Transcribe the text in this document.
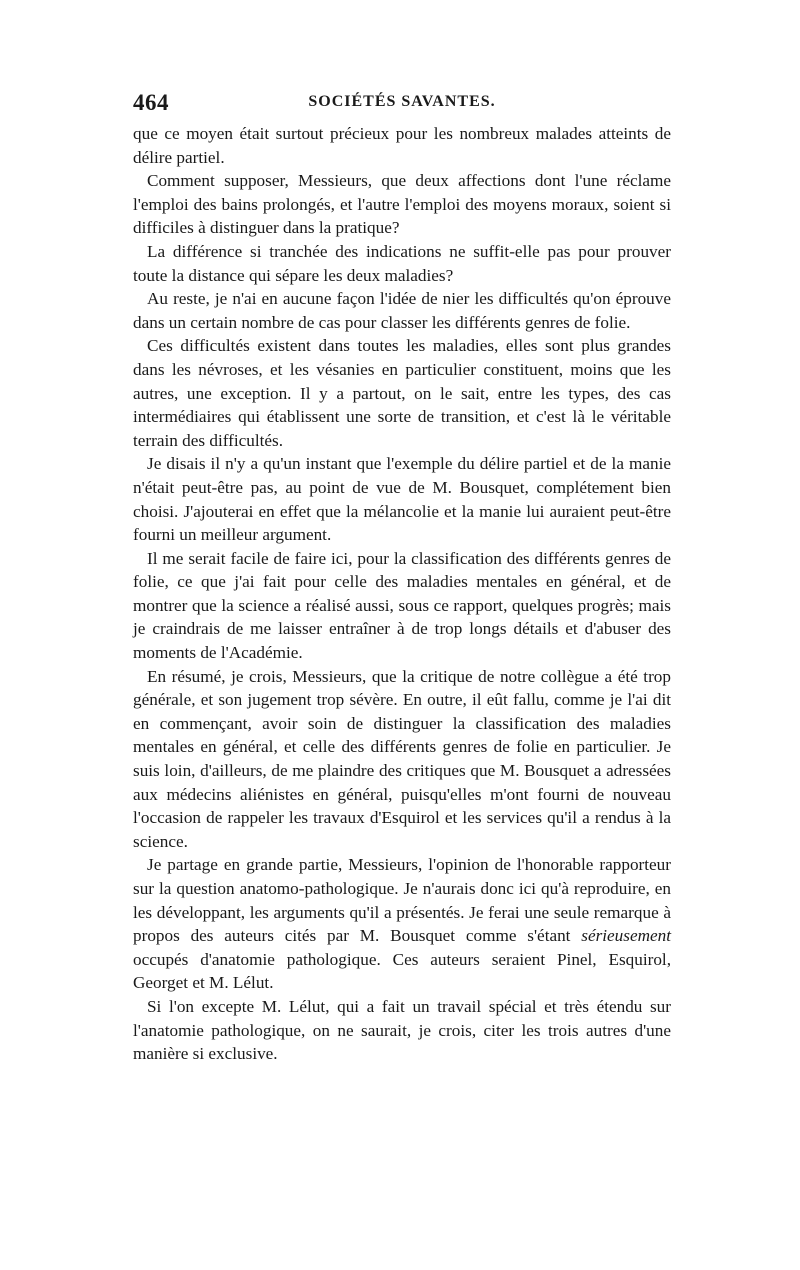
464	SOCIÉTÉS SAVANTES.

que ce moyen était surtout précieux pour les nombreux malades atteints de délire partiel.

Comment supposer, Messieurs, que deux affections dont l'une réclame l'emploi des bains prolongés, et l'autre l'emploi des moyens moraux, soient si difficiles à distinguer dans la pratique?

La différence si tranchée des indications ne suffit-elle pas pour prouver toute la distance qui sépare les deux maladies?

Au reste, je n'ai en aucune façon l'idée de nier les difficultés qu'on éprouve dans un certain nombre de cas pour classer les différents genres de folie.

Ces difficultés existent dans toutes les maladies, elles sont plus grandes dans les névroses, et les vésanies en particulier constituent, moins que les autres, une exception. Il y a partout, on le sait, entre les types, des cas intermédiaires qui établissent une sorte de transition, et c'est là le véritable terrain des difficultés.

Je disais il n'y a qu'un instant que l'exemple du délire partiel et de la manie n'était peut-être pas, au point de vue de M. Bousquet, complétement bien choisi. J'ajouterai en effet que la mélancolie et la manie lui auraient peut-être fourni un meilleur argument.

Il me serait facile de faire ici, pour la classification des différents genres de folie, ce que j'ai fait pour celle des maladies mentales en général, et de montrer que la science a réalisé aussi, sous ce rapport, quelques progrès; mais je craindrais de me laisser entraîner à de trop longs détails et d'abuser des moments de l'Académie.

En résumé, je crois, Messieurs, que la critique de notre collègue a été trop générale, et son jugement trop sévère. En outre, il eût fallu, comme je l'ai dit en commençant, avoir soin de distinguer la classification des maladies mentales en général, et celle des différents genres de folie en particulier. Je suis loin, d'ailleurs, de me plaindre des critiques que M. Bousquet a adressées aux médecins aliénistes en général, puisqu'elles m'ont fourni de nouveau l'occasion de rappeler les travaux d'Esquirol et les services qu'il a rendus à la science.

Je partage en grande partie, Messieurs, l'opinion de l'honorable rapporteur sur la question anatomo-pathologique. Je n'aurais donc ici qu'à reproduire, en les développant, les arguments qu'il a présentés. Je ferai une seule remarque à propos des auteurs cités par M. Bousquet comme s'étant sérieusement occupés d'anatomie pathologique. Ces auteurs seraient Pinel, Esquirol, Georget et M. Lélut.

Si l'on excepte M. Lélut, qui a fait un travail spécial et très étendu sur l'anatomie pathologique, on ne saurait, je crois, citer les trois autres d'une manière si exclusive.
